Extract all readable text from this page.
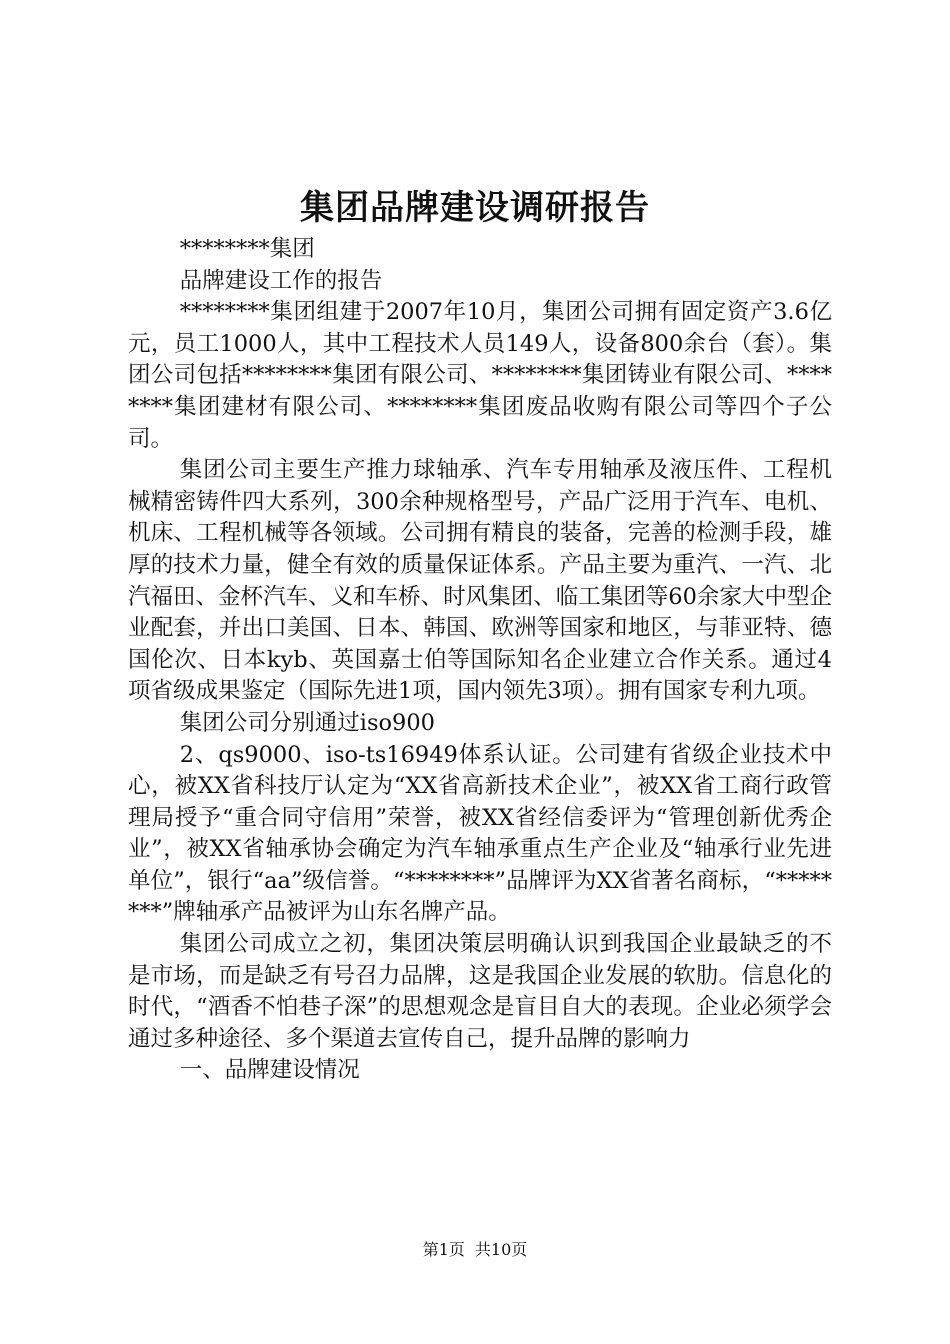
集团品牌建设调研报告

********集团

品牌建设工作的报告

********集团组建于2007年10月，集团公司拥有固定资产3.6亿元，员工1000人，其中工程技术人员149人，设备800余台（套）。集团公司包括********集团有限公司、********集团铸业有限公司、********集团建材有限公司、********集团废品收购有限公司等四个子公司。

集团公司主要生产推力球轴承、汽车专用轴承及液压件、工程机械精密铸件四大系列，300余种规格型号，产品广泛用于汽车、电机、机床、工程机械等各领域。公司拥有精良的装备，完善的检测手段，雄厚的技术力量，健全有效的质量保证体系。产品主要为重汽、一汽、北汽福田、金杯汽车、义和车桥、时风集团、临工集团等60余家大中型企业配套，并出口美国、日本、韩国、欧洲等国家和地区，与菲亚特、德国伦次、日本kyb、英国嘉士伯等国际知名企业建立合作关系。通过4项省级成果鉴定（国际先进1项，国内领先3项）。拥有国家专利九项。

集团公司分别通过iso900

2、qs9000、iso-ts16949体系认证。公司建有省级企业技术中心，被XX省科技厅认定为“XX省高新技术企业”，被XX省工商行政管理局授予“重合同守信用”荣誉，被XX省经信委评为“管理创新优秀企业”，被XX省轴承协会确定为汽车轴承重点生产企业及“轴承行业先进单位”，银行“aa”级信誉。“********”品牌评为XX省著名商标，“********”牌轴承产品被评为山东名牌产品。

集团公司成立之初，集团决策层明确认识到我国企业最缺乏的不是市场，而是缺乏有号召力品牌，这是我国企业发展的软肋。信息化的时代，“酒香不怕巷子深”的思想观念是盲目自大的表现。企业必须学会通过多种途径、多个渠道去宣传自己，提升品牌的影响力

一、品牌建设情况

第1页 共10页
